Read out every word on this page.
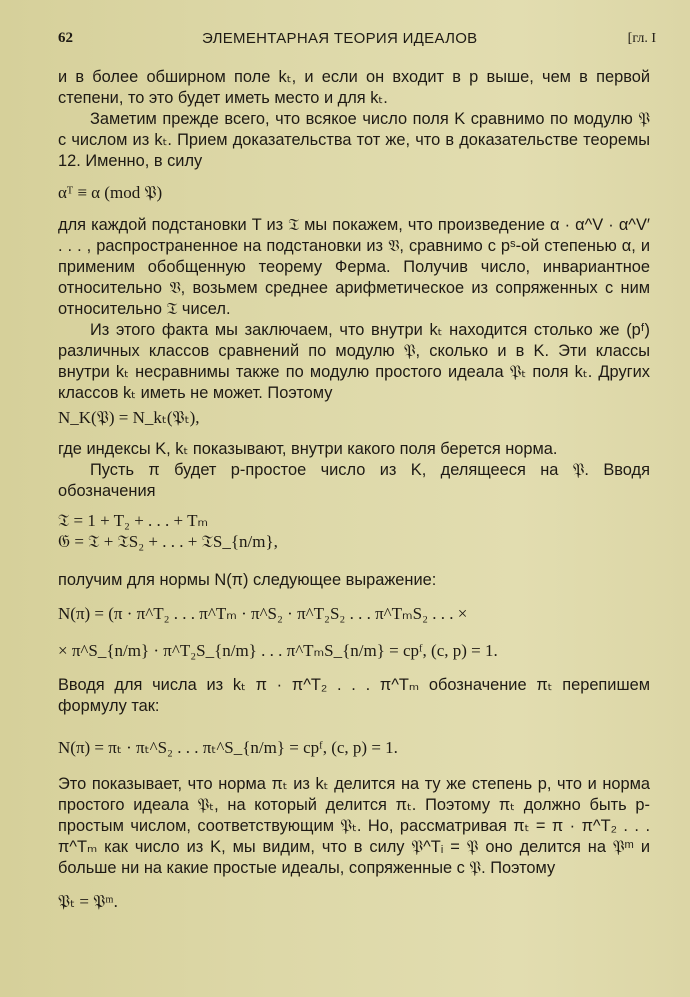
62	ЭЛЕМЕНТАРНАЯ ТЕОРИЯ ИДЕАЛОВ	[гл. I

и в более обширном поле kₜ, и если он входит в p выше, чем в первой степени, то это будет иметь место и для kₜ.

Заметим прежде всего, что всякое число поля K сравнимо по модулю 𝔓 с числом из kₜ. Прием доказательства тот же, что в доказательстве теоремы 12. Именно, в силу

αᵀ ≡ α (mod 𝔓)

для каждой подстановки T из 𝔗 мы покажем, что произведение α · α^V · α^V′ . . . , распространенное на подстановки из 𝔙, сравнимо с pˢ-ой степенью α, и применим обобщенную теорему Ферма. Получив число, инвариантное относительно 𝔙, возьмем среднее арифметическое из сопряженных с ним относительно 𝔗 чисел.

Из этого факта мы заключаем, что внутри kₜ находится столько же (pᶠ) различных классов сравнений по модулю 𝔓, сколько и в K. Эти классы внутри kₜ несравнимы также по модулю простого идеала 𝔓ₜ поля kₜ. Других классов kₜ иметь не может. Поэтому

N_K(𝔓) = N_kₜ(𝔓ₜ),

где индексы K, kₜ показывают, внутри какого поля берется норма.

Пусть π будет p-простое число из K, делящееся на 𝔓. Вводя обозначения

𝔗 = 1 + T₂ + . . . + Tₘ

𝔊 = 𝔗 + 𝔗S₂ + . . . + 𝔗S_{n/m},

получим для нормы N(π) следующее выражение:

N(π) = (π · π^T₂ . . . π^Tₘ · π^S₂ · π^T₂S₂ . . . π^TₘS₂ . . . ×

× π^S_{n/m} · π^T₂S_{n/m} . . . π^TₘS_{n/m} = cpᶠ, (c, p) = 1.

Вводя для числа из kₜ π · π^T₂ . . . π^Tₘ обозначение πₜ перепишем формулу так:

N(π) = πₜ · πₜ^S₂ . . . πₜ^S_{n/m} = cpᶠ, (c, p) = 1.

Это показывает, что норма πₜ из kₜ делится на ту же степень p, что и норма простого идеала 𝔓ₜ, на который делится πₜ. Поэтому πₜ должно быть p-простым числом, соответствующим 𝔓ₜ. Но, рассматривая πₜ = π · π^T₂ . . . π^Tₘ как число из K, мы видим, что в силу 𝔓^Tᵢ = 𝔓 оно делится на 𝔓ᵐ и больше ни на какие простые идеалы, сопряженные с 𝔓. Поэтому

𝔓ₜ = 𝔓ᵐ.
